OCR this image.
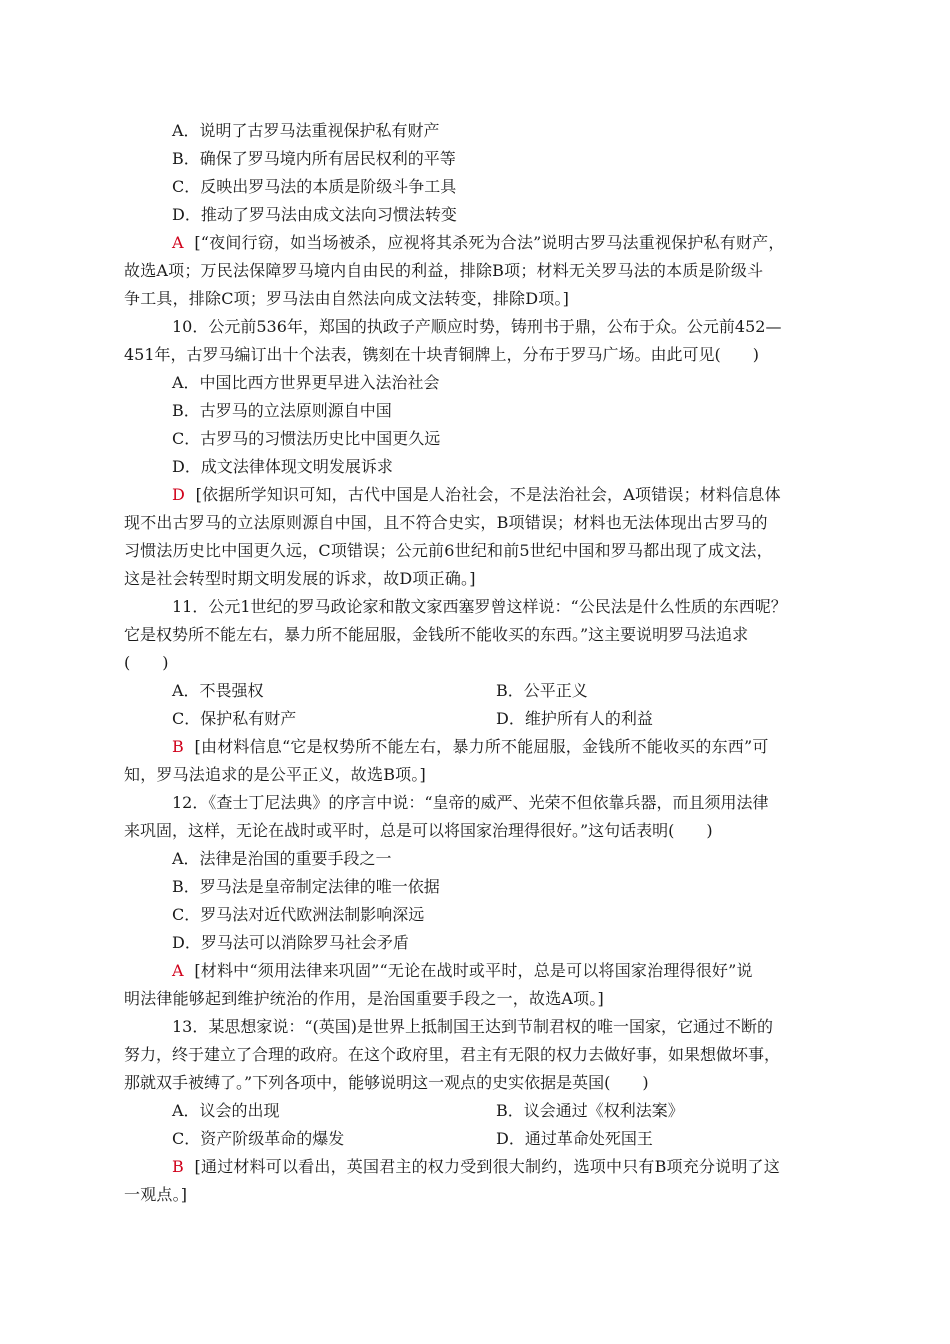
A．说明了古罗马法重视保护私有财产
B．确保了罗马境内所有居民权利的平等
C．反映出罗马法的本质是阶级斗争工具
D．推动了罗马法由成文法向习惯法转变
A [“夜间行窃，如当场被杀，应视将其杀死为合法”说明古罗马法重视保护私有财产，
故选A项；万民法保障罗马境内自由民的利益，排除B项；材料无关罗马法的本质是阶级斗
争工具，排除C项；罗马法由自然法向成文法转变，排除D项。]
10．公元前536年，郑国的执政子产顺应时势，铸刑书于鼎，公布于众。公元前452—
451年，古罗马编订出十个法表，镌刻在十块青铜牌上，分布于罗马广场。由此可见(　　)
A．中国比西方世界更早进入法治社会
B．古罗马的立法原则源自中国
C．古罗马的习惯法历史比中国更久远
D．成文法律体现文明发展诉求
D [依据所学知识可知，古代中国是人治社会，不是法治社会，A项错误；材料信息体
现不出古罗马的立法原则源自中国，且不符合史实，B项错误；材料也无法体现出古罗马的
习惯法历史比中国更久远，C项错误；公元前6世纪和前5世纪中国和罗马都出现了成文法，
这是社会转型时期文明发展的诉求，故D项正确。]
11．公元1世纪的罗马政论家和散文家西塞罗曾这样说：“公民法是什么性质的东西呢？
它是权势所不能左右，暴力所不能屈服，金钱所不能收买的东西。”这主要说明罗马法追求
(　　)
A．不畏强权	B．公平正义
C．保护私有财产	D．维护所有人的利益
B [由材料信息“它是权势所不能左右，暴力所不能屈服，金钱所不能收买的东西”可
知，罗马法追求的是公平正义，故选B项。]
12．《查士丁尼法典》的序言中说：“皇帝的威严、光荣不但依靠兵器，而且须用法律
来巩固，这样，无论在战时或平时，总是可以将国家治理得很好。”这句话表明(　　)
A．法律是治国的重要手段之一
B．罗马法是皇帝制定法律的唯一依据
C．罗马法对近代欧洲法制影响深远
D．罗马法可以消除罗马社会矛盾
A [材料中“须用法律来巩固”“无论在战时或平时，总是可以将国家治理得很好”说
明法律能够起到维护统治的作用，是治国重要手段之一，故选A项。]
13．某思想家说：“(英国)是世界上抵制国王达到节制君权的唯一国家，它通过不断的
努力，终于建立了合理的政府。在这个政府里，君主有无限的权力去做好事，如果想做坏事，
那就双手被缚了。”下列各项中，能够说明这一观点的史实依据是英国(　　)
A．议会的出现	B．议会通过《权利法案》
C．资产阶级革命的爆发	D．通过革命处死国王
B [通过材料可以看出，英国君主的权力受到很大制约，选项中只有B项充分说明了这
一观点。]
